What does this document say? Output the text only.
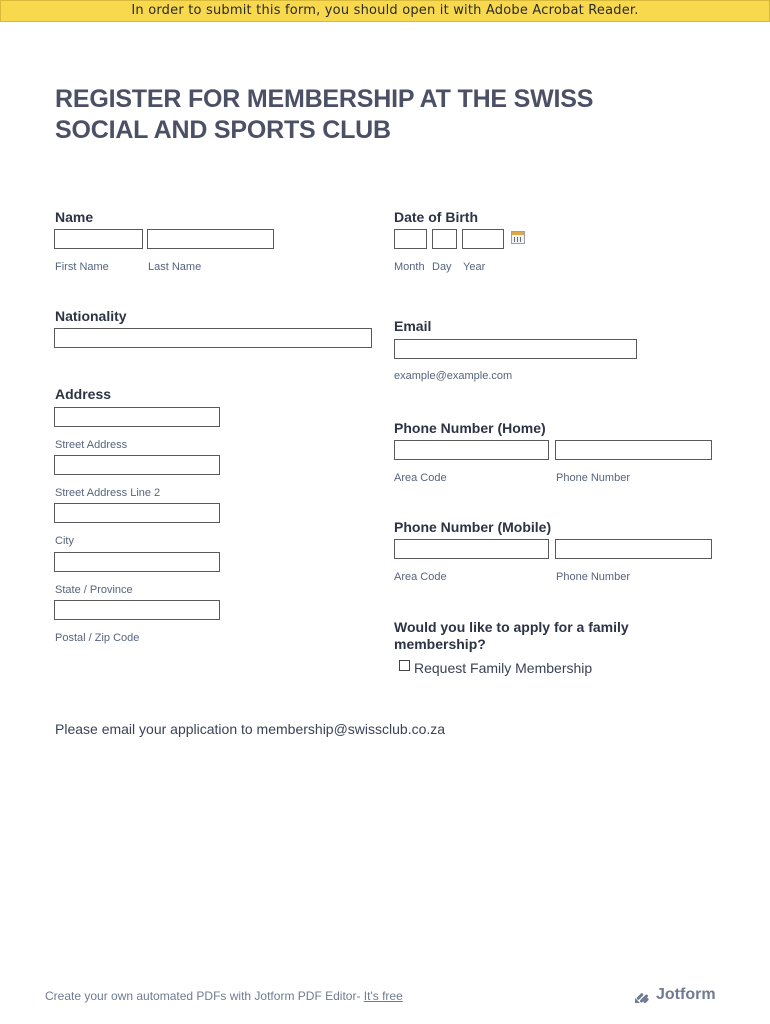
In order to submit this form, you should open it with Adobe Acrobat Reader.
REGISTER FOR MEMBERSHIP AT THE SWISS SOCIAL AND SPORTS CLUB
Name
First Name	Last Name
Date of Birth
Month Day Year
Nationality
Email
example@example.com
Address
Street Address
Street Address Line 2
City
State / Province
Postal / Zip Code
Phone Number (Home)
Area Code	Phone Number
Phone Number (Mobile)
Area Code	Phone Number
Would you like to apply for a family membership?
Request Family Membership
Please email your application to membership@swissclub.co.za
Create your own automated PDFs with Jotform PDF Editor- It's free	Jotform
